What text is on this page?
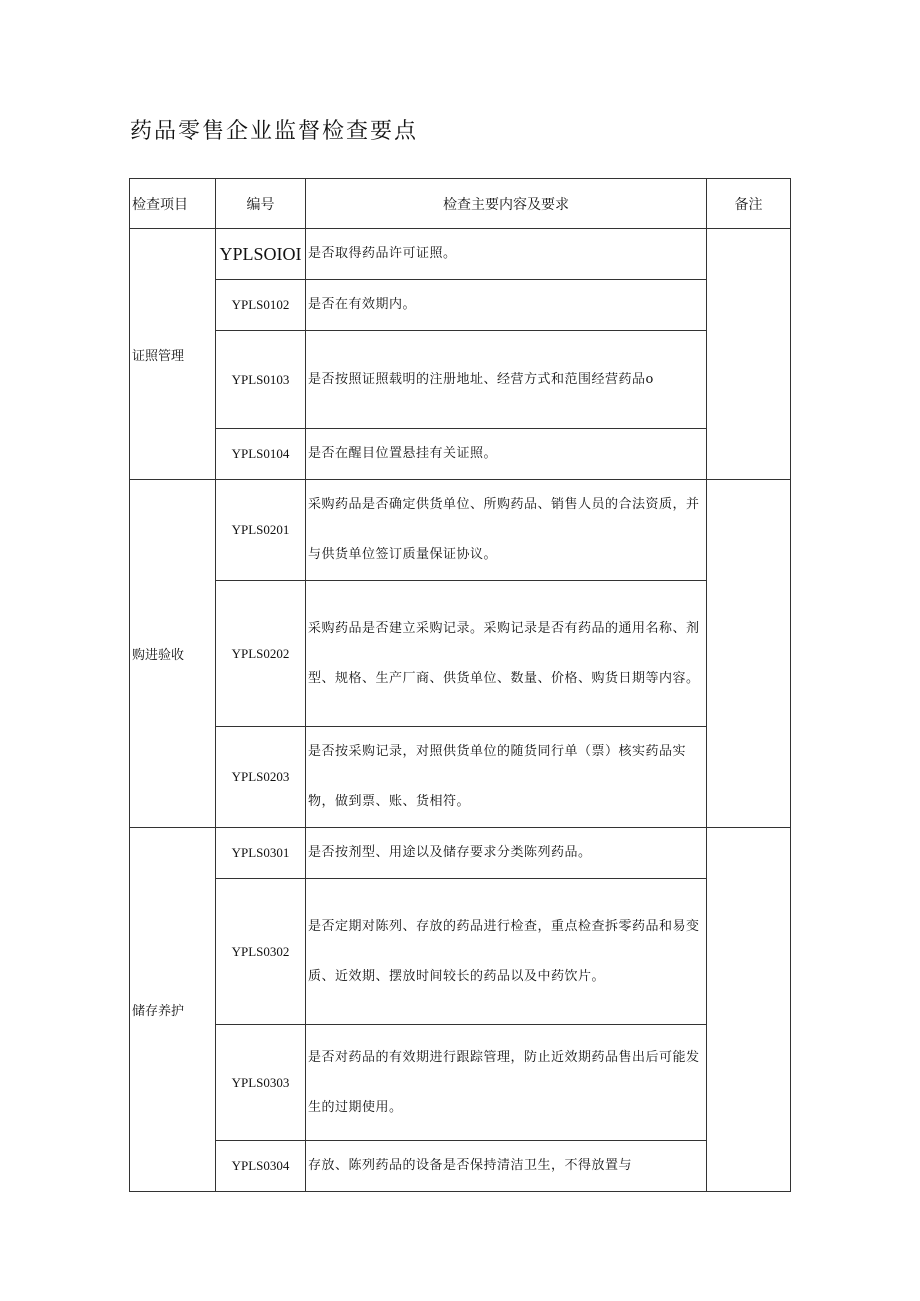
药品零售企业监督检查要点
检查项目	编号	检查主要内容及要求	备注
证照管理	YPLSOIOI	是否取得药品许可证照。	
	YPLS0102	是否在有效期内。	
	YPLS0103	是否按照证照载明的注册地址、经营方式和范围经营药品o	
	YPLS0104	是否在醒目位置悬挂有关证照。	
购进验收	YPLS0201	采购药品是否确定供货单位、所购药品、销售人员的合法资质，并与供货单位签订质量保证协议。	
	YPLS0202	采购药品是否建立采购记录。采购记录是否有药品的通用名称、剂型、规格、生产厂商、供货单位、数量、价格、购货日期等内容。	
	YPLS0203	是否按采购记录，对照供货单位的随货同行单（票）核实药品实物，做到票、账、货相符。	
储存养护	YPLS0301	是否按剂型、用途以及储存要求分类陈列药品。	
	YPLS0302	是否定期对陈列、存放的药品进行检查，重点检查拆零药品和易变质、近效期、摆放时间较长的药品以及中药饮片。	
	YPLS0303	是否对药品的有效期进行跟踪管理，防止近效期药品售出后可能发生的过期使用。	
	YPLS0304	存放、陈列药品的设备是否保持清洁卫生，不得放置与	
